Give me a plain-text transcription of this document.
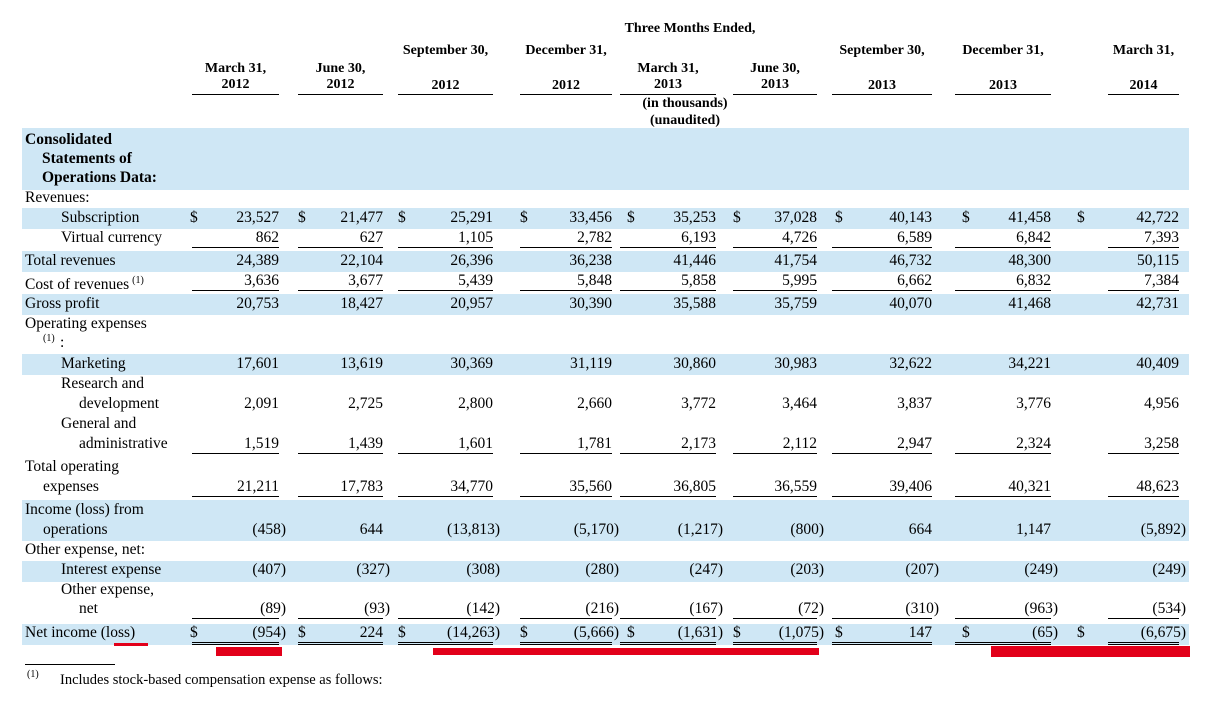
Three Months Ended,
March 31,
2012
June 30,
2012
September 30,
2012
December 31,
2012
March 31,
2013
June 30,
2013
September 30,
2013
December 31,
2013
March 31,
2014
(in thousands)
(unaudited)
Consolidated
Statements of
Operations Data:
Revenues:
Subscription	$	23,527 $	21,477 $	25,291 $	33,456 $	35,253 $	37,028 $	40,143 $	41,458 $	42,722
Virtual currency	862	627	1,105	2,782	6,193	4,726	6,589	6,842	7,393
Total revenues	24,389	22,104	26,396	36,238	41,446	41,754	46,732	48,300	50,115
Cost of revenues $^{(1)}$	3,636	3,677	5,439	5,848	5,858	5,995	6,662	6,832	7,384
Gross profit	20,753	18,427	20,957	30,390	35,588	35,759	40,070	41,468	42,731
Operating expenses
(1) :
Marketing	17,601	13,619	30,369	31,119	30,860	30,983	32,622	34,221	40,409
Research and
development	2,091	2,725	2,800	2,660	3,772	3,464	3,837	3,776	4,956
General and
administrative	1,519	1,439	1,601	1,781	2,173	2,112	2,947	2,324	3,258
Total operating
expenses	21,211	17,783	34,770	35,560	36,805	36,559	39,406	40,321	48,623
Income (loss) from
operations	(458)	644	(13,813)	(5,170)	(1,217)	(800)	664	1,147	(5,892)
Other expense, net:
Interest expense	(407)	(327)	(308)	(280)	(247)	(203)	(207)	(249)	(249)
Other expense,
net	(89)	(93)	(142)	(216)	(167)	(72)	(310)	(963)	(534)
Net income (loss)	$	(954) $	224 $	(14,263) $	(5,666) $	(1,631) $	(1,075) $	147 $	(65) $	(6,675)
(1) Includes stock-based compensation expense as follows:
